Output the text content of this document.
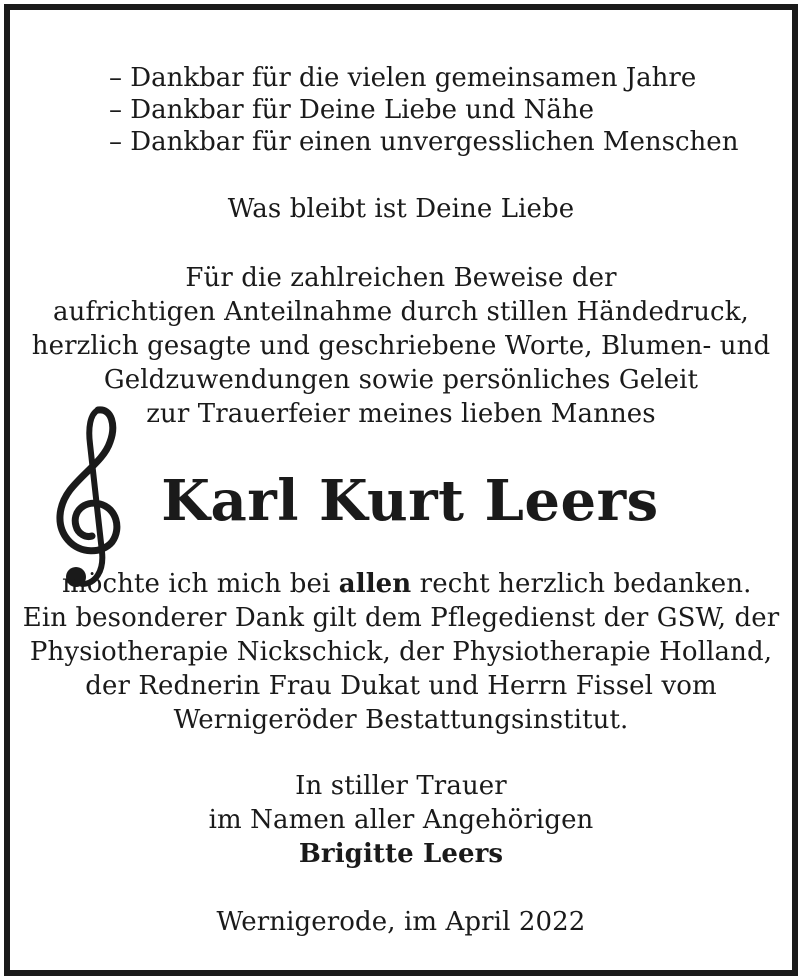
– Dankbar für die vielen gemeinsamen Jahre
– Dankbar für Deine Liebe und Nähe
– Dankbar für einen unvergesslichen Menschen
Was bleibt ist Deine Liebe
Für die zahlreichen Beweise der
aufrichtigen Anteilnahme durch stillen Händedruck,
herzlich gesagte und geschriebene Worte, Blumen- und
Geldzuwendungen sowie persönliches Geleit
zur Trauerfeier meines lieben Mannes
Karl Kurt Leers
möchte ich mich bei allen recht herzlich bedanken.
Ein besonderer Dank gilt dem Pflegedienst der GSW, der
Physiotherapie Nickschick, der Physiotherapie Holland,
der Rednerin Frau Dukat und Herrn Fissel vom
Wernigeröder Bestattungsinstitut.
In stiller Trauer
im Namen aller Angehörigen
Brigitte Leers
Wernigerode, im April 2022
